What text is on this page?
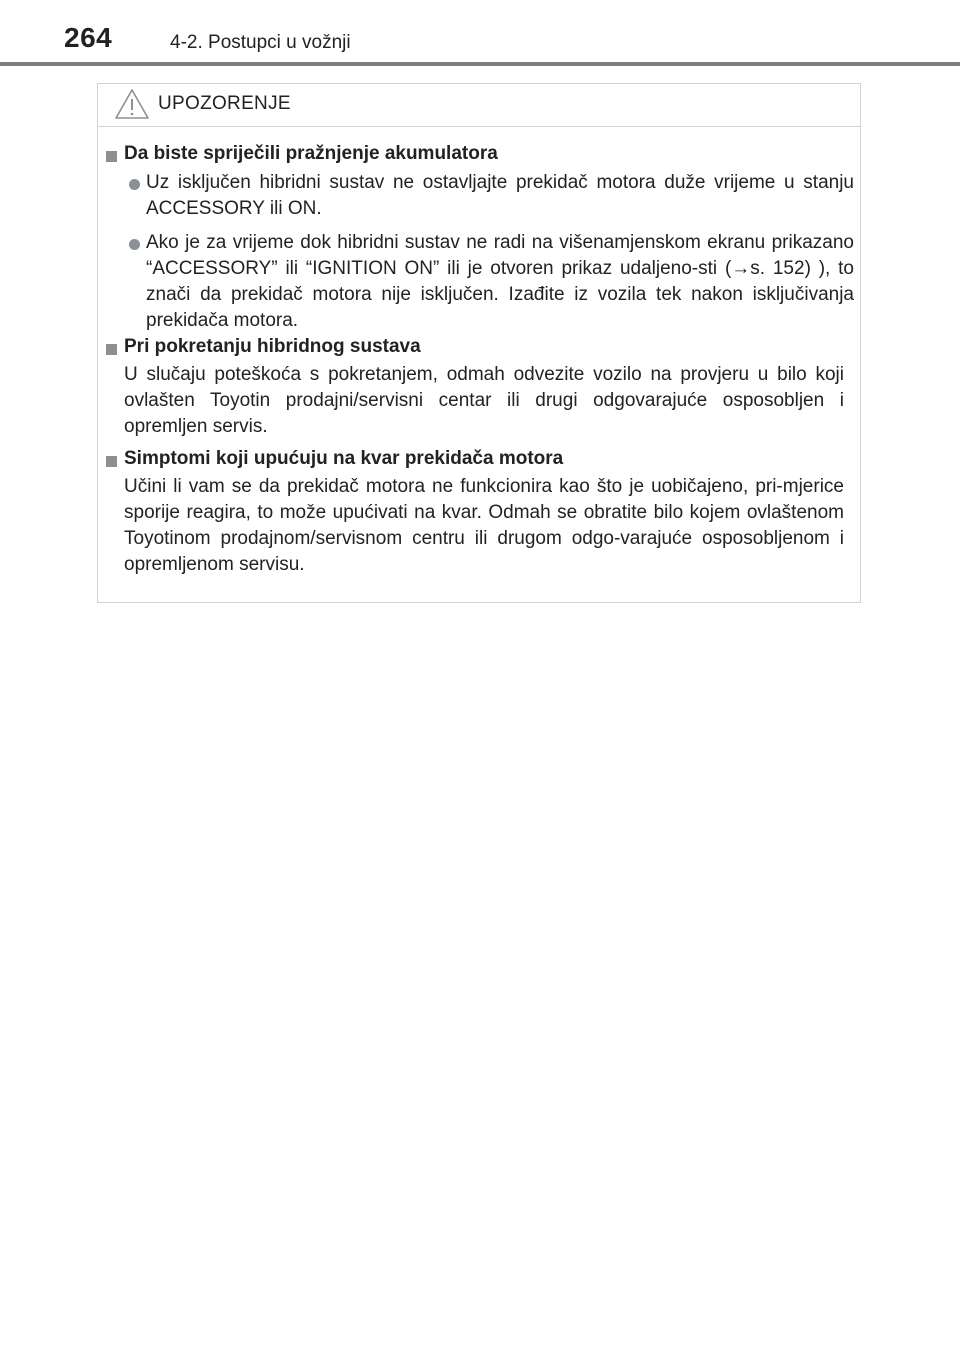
264	4-2. Postupci u vožnji
UPOZORENJE
Da biste spriječili pražnjenje akumulatora
Uz isključen hibridni sustav ne ostavljajte prekidač motora duže vrijeme u stanju ACCESSORY ili ON.
Ako je za vrijeme dok hibridni sustav ne radi na višenamjenskom ekranu prikazano “ACCESSORY” ili “IGNITION ON” ili je otvoren prikaz udaljeno-sti (→s. 152) ), to znači da prekidač motora nije isključen. Izađite iz vozila tek nakon isključivanja prekidača motora.
Pri pokretanju hibridnog sustava
U slučaju poteškoća s pokretanjem, odmah odvezite vozilo na provjeru u bilo koji ovlašten Toyotin prodajni/servisni centar ili drugi odgovarajuće osposobljen i opremljen servis.
Simptomi koji upućuju na kvar prekidača motora
Učini li vam se da prekidač motora ne funkcionira kao što je uobičajeno, pri-mjerice sporije reagira, to može upućivati na kvar. Odmah se obratite bilo kojem ovlaštenom Toyotinom prodajnom/servisnom centru ili drugom odgo-varajuće osposobljenom i opremljenom servisu.
